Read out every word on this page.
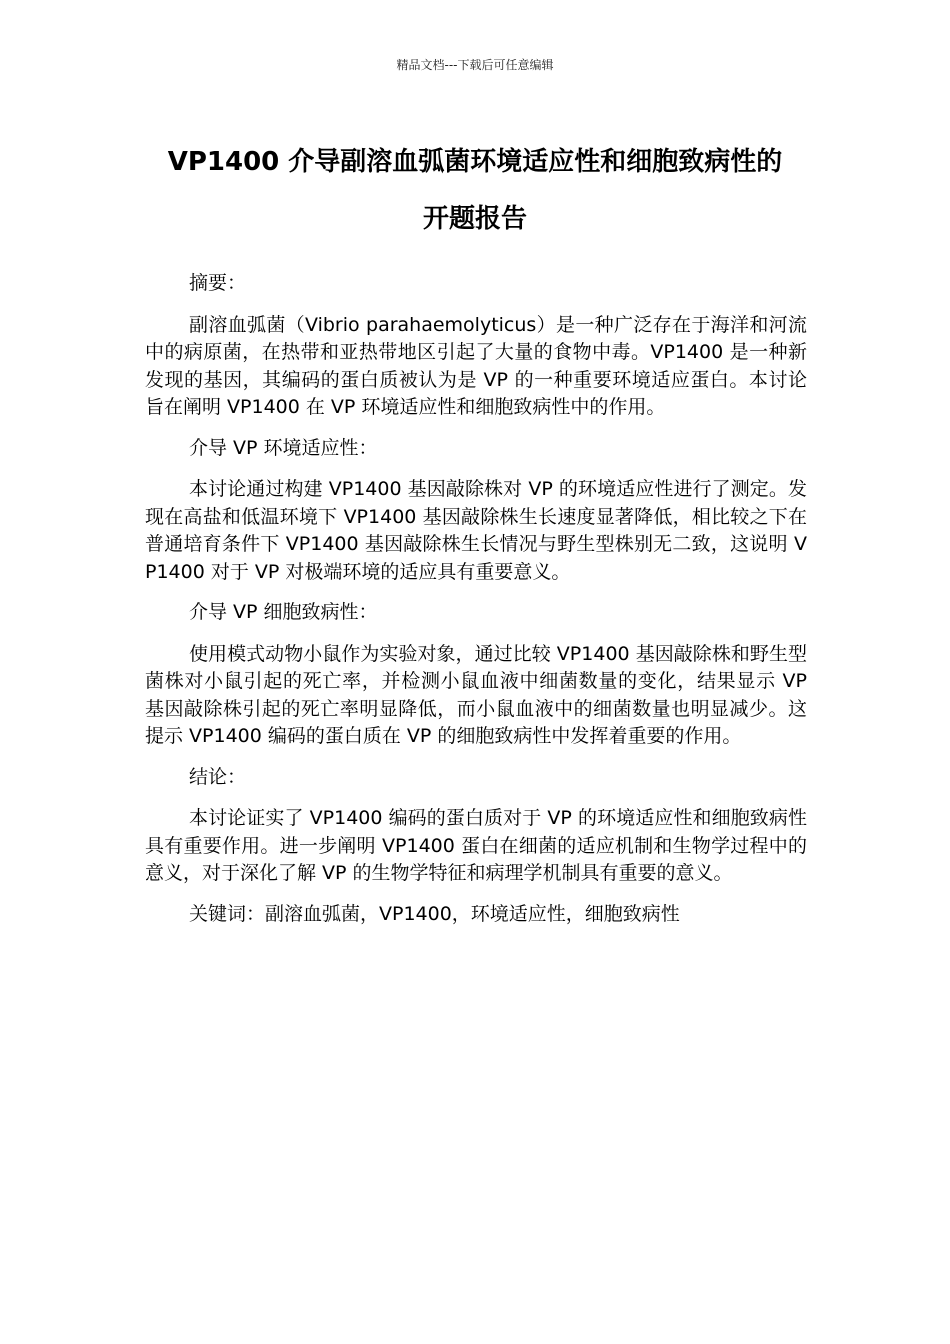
精品文档---下载后可任意编辑
VP1400 介导副溶血弧菌环境适应性和细胞致病性的
开题报告

摘要：

副溶血弧菌（Vibrio parahaemolyticus）是一种广泛存在于海洋和河流中的病原菌，在热带和亚热带地区引起了大量的食物中毒。VP1400 是一种新发现的基因，其编码的蛋白质被认为是 VP 的一种重要环境适应蛋白。本讨论旨在阐明 VP1400 在 VP 环境适应性和细胞致病性中的作用。

介导 VP 环境适应性：

本讨论通过构建 VP1400 基因敲除株对 VP 的环境适应性进行了测定。发现在高盐和低温环境下 VP1400 基因敲除株生长速度显著降低，相比较之下在普通培育条件下 VP1400 基因敲除株生长情况与野生型株别无二致，这说明 VP1400 对于 VP 对极端环境的适应具有重要意义。

介导 VP 细胞致病性：

使用模式动物小鼠作为实验对象，通过比较 VP1400 基因敲除株和野生型菌株对小鼠引起的死亡率，并检测小鼠血液中细菌数量的变化，结果显示 VP 基因敲除株引起的死亡率明显降低，而小鼠血液中的细菌数量也明显减少。这提示 VP1400 编码的蛋白质在 VP 的细胞致病性中发挥着重要的作用。

结论：

本讨论证实了 VP1400 编码的蛋白质对于 VP 的环境适应性和细胞致病性具有重要作用。进一步阐明 VP1400 蛋白在细菌的适应机制和生物学过程中的意义，对于深化了解 VP 的生物学特征和病理学机制具有重要的意义。

关键词：副溶血弧菌，VP1400，环境适应性，细胞致病性
